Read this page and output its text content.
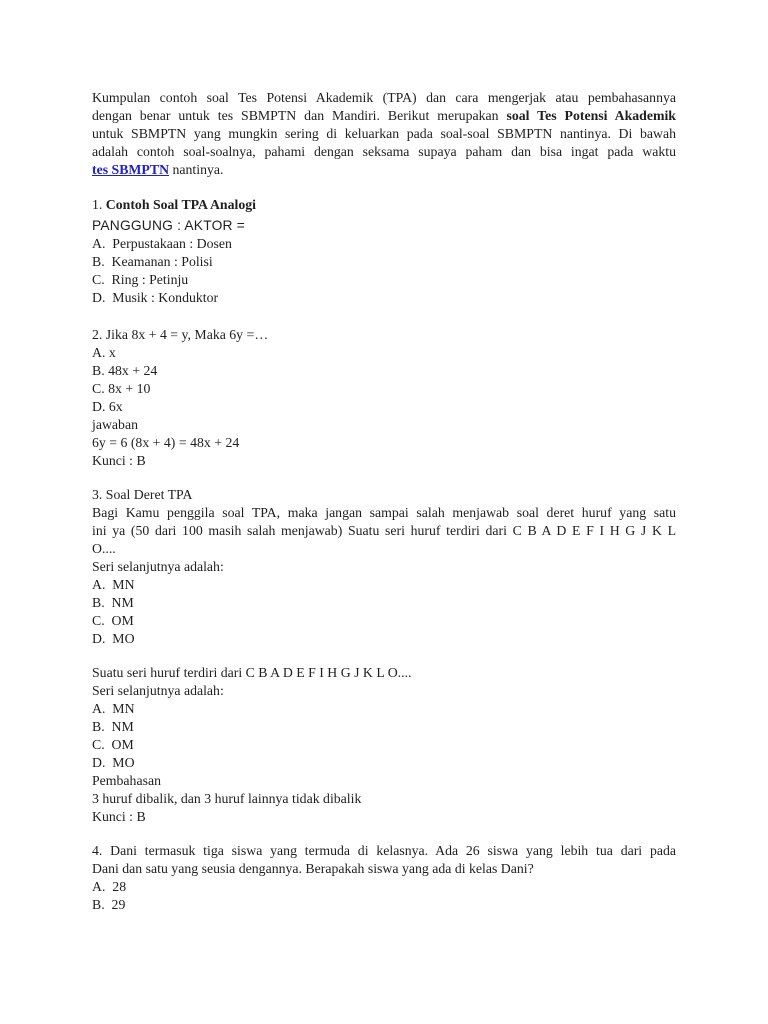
Kumpulan contoh soal Tes Potensi Akademik (TPA) dan cara mengerjak atau pembahasannya
dengan benar untuk tes SBMPTN dan Mandiri. Berikut merupakan soal Tes Potensi Akademik
untuk SBMPTN yang mungkin sering di keluarkan pada soal-soal SBMPTN nantinya. Di bawah
adalah contoh soal-soalnya, pahami dengan seksama supaya paham dan bisa ingat pada waktu
tes SBMPTN nantinya.
1. Contoh Soal TPA Analogi
PANGGUNG : AKTOR =
A.  Perpustakaan : Dosen
B.  Keamanan : Polisi
C.  Ring : Petinju
D.  Musik : Konduktor
2. Jika 8x + 4 = y, Maka 6y =…
A. x
B. 48x + 24
C. 8x + 10
D. 6x
jawaban
6y = 6 (8x + 4) = 48x + 24
Kunci : B
3. Soal Deret TPA
Bagi Kamu penggila soal TPA, maka jangan sampai salah menjawab soal deret huruf yang satu
ini ya (50 dari 100 masih salah menjawab) Suatu seri huruf terdiri dari C B A D E F I H G J K L
O....
Seri selanjutnya adalah:
A.  MN
B.  NM
C.  OM
D.  MO
Suatu seri huruf terdiri dari C B A D E F I H G J K L O....
Seri selanjutnya adalah:
A.  MN
B.  NM
C.  OM
D.  MO
Pembahasan
3 huruf dibalik, dan 3 huruf lainnya tidak dibalik
Kunci : B
4. Dani termasuk tiga siswa yang termuda di kelasnya. Ada 26 siswa yang lebih tua dari pada
Dani dan satu yang seusia dengannya. Berapakah siswa yang ada di kelas Dani?
A.  28
B.  29
